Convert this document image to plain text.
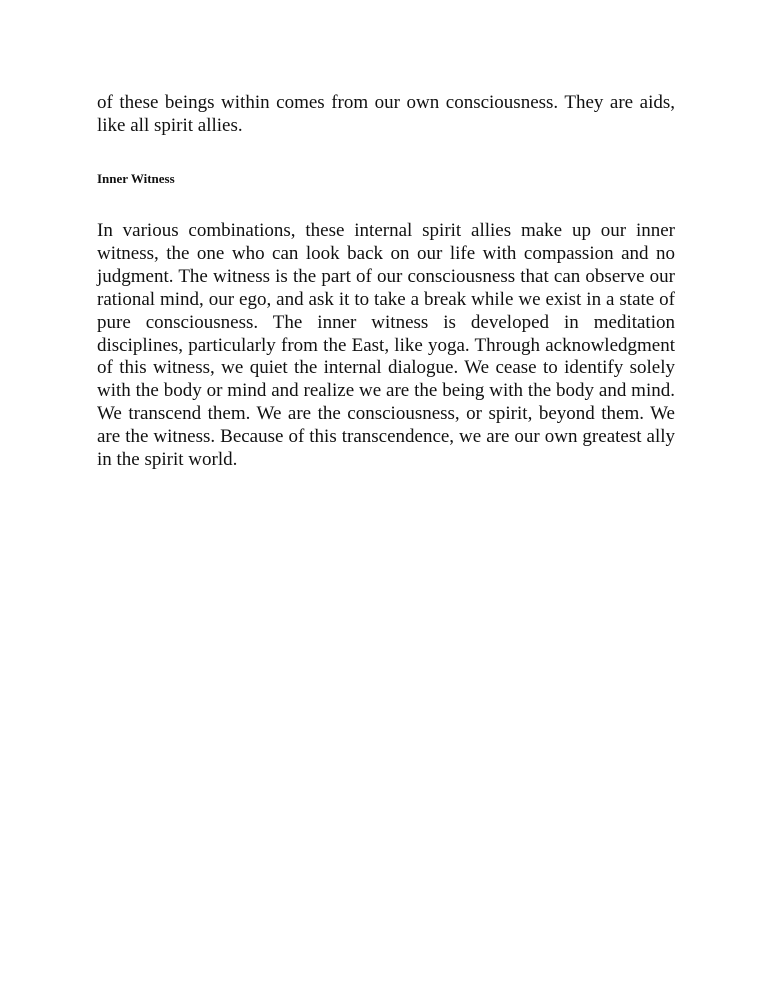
of these beings within comes from our own consciousness. They are aids, like all spirit allies.

Inner Witness

In various combinations, these internal spirit allies make up our inner witness, the one who can look back on our life with compassion and no judgment. The witness is the part of our consciousness that can observe our rational mind, our ego, and ask it to take a break while we exist in a state of pure consciousness. The inner witness is developed in meditation disciplines, particularly from the East, like yoga. Through acknowledgment of this witness, we quiet the internal dialogue. We cease to identify solely with the body or mind and realize we are the being with the body and mind. We transcend them. We are the consciousness, or spirit, beyond them. We are the witness. Because of this transcendence, we are our own greatest ally in the spirit world.
